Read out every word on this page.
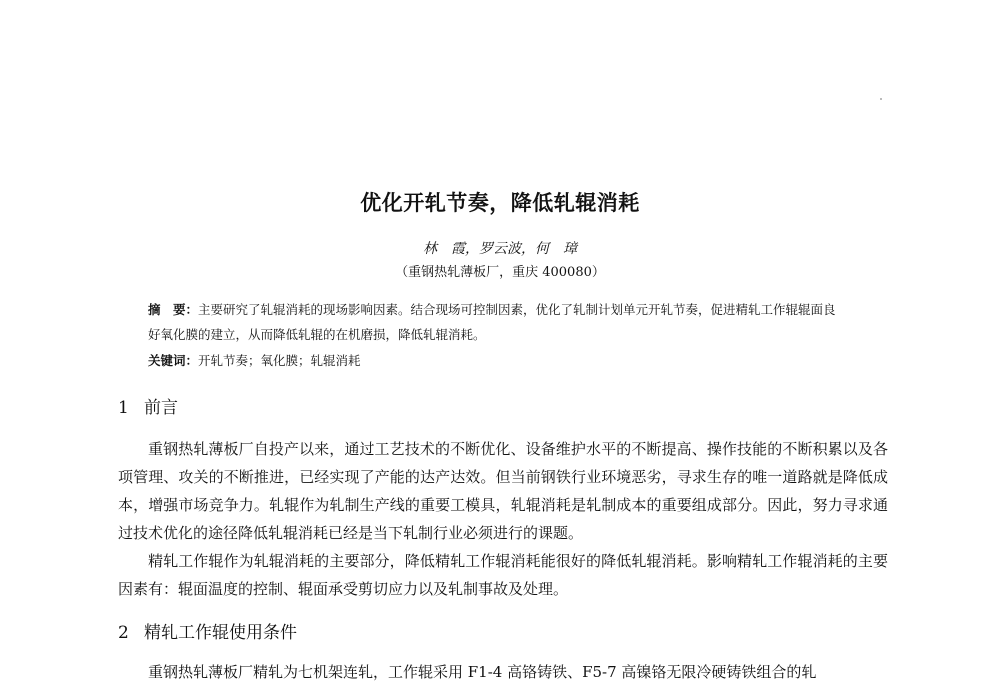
优化开轧节奏，降低轧辊消耗
林　霞，罗云波，何　璋
（重钢热轧薄板厂，重庆 400080）
摘　要：主要研究了轧辊消耗的现场影响因素。结合现场可控制因素，优化了轧制计划单元开轧节奏，促进精轧工作辊辊面良好氧化膜的建立，从而降低轧辊的在机磨损，降低轧辊消耗。
关键词：开轧节奏；氧化膜；轧辊消耗
1 前言
重钢热轧薄板厂自投产以来，通过工艺技术的不断优化、设备维护水平的不断提高、操作技能的不断积累以及各项管理、攻关的不断推进，已经实现了产能的达产达效。但当前钢铁行业环境恶劣，寻求生存的唯一道路就是降低成本，增强市场竞争力。轧辊作为轧制生产线的重要工模具，轧辊消耗是轧制成本的重要组成部分。因此，努力寻求通过技术优化的途径降低轧辊消耗已经是当下轧制行业必须进行的课题。
精轧工作辊作为轧辊消耗的主要部分，降低精轧工作辊消耗能很好的降低轧辊消耗。影响精轧工作辊消耗的主要因素有：辊面温度的控制、辊面承受剪切应力以及轧制事故及处理。
2 精轧工作辊使用条件
重钢热轧薄板厂精轧为七机架连轧，工作辊采用 F1-4 高铬铸铁、F5-7 高镍铬无限冷硬铸铁组合的轧
